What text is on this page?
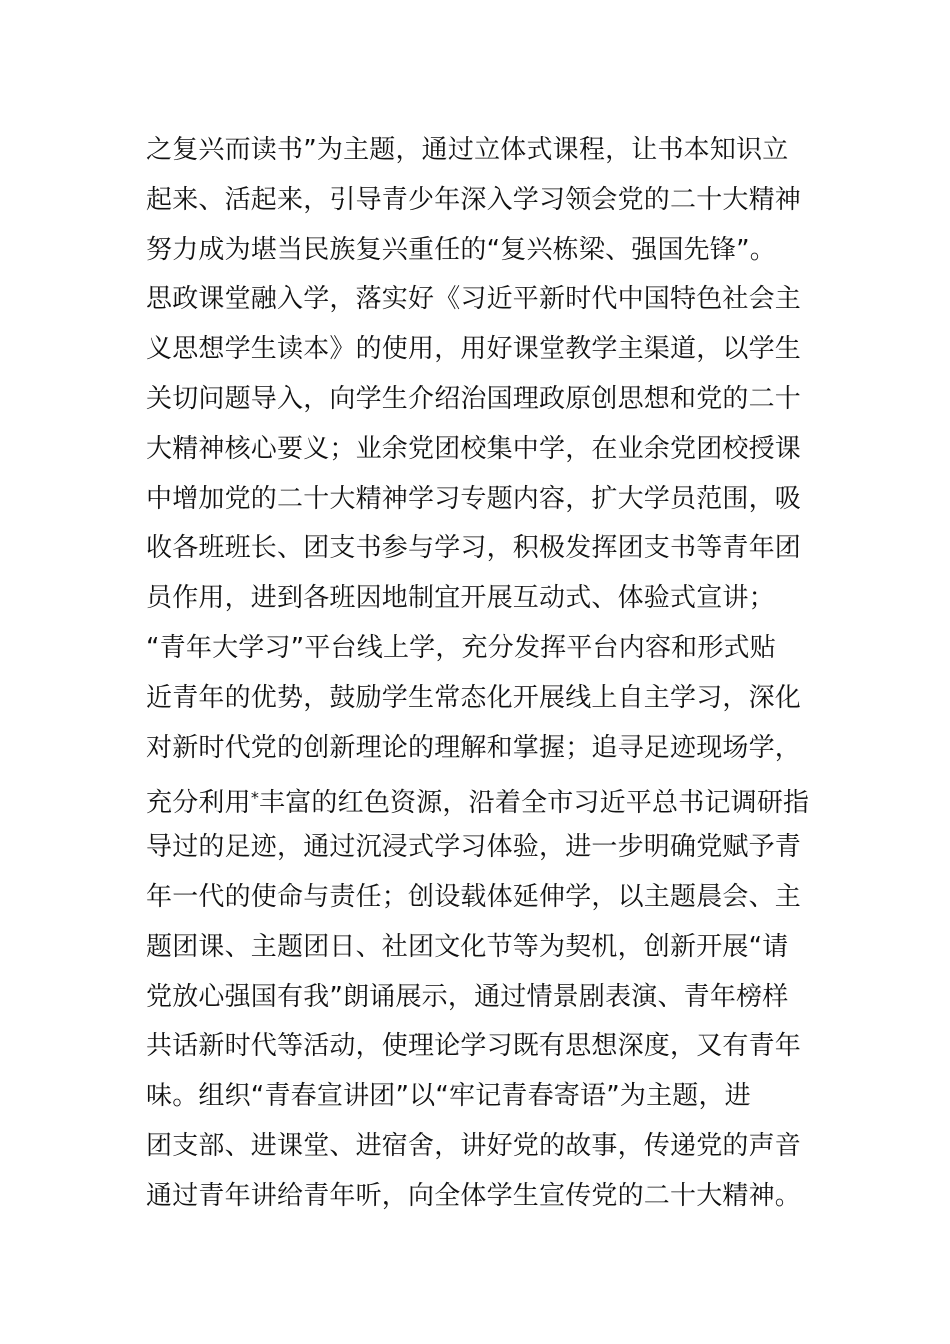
之复兴而读书”为主题，通过立体式课程，让书本知识立
起来、活起来，引导青少年深入学习领会党的二十大精神
努力成为堪当民族复兴重任的“复兴栋梁、强国先锋”。
思政课堂融入学，落实好《习近平新时代中国特色社会主
义思想学生读本》的使用，用好课堂教学主渠道，以学生
关切问题导入，向学生介绍治国理政原创思想和党的二十
大精神核心要义；业余党团校集中学，在业余党团校授课
中增加党的二十大精神学习专题内容，扩大学员范围，吸
收各班班长、团支书参与学习，积极发挥团支书等青年团
员作用，进到各班因地制宜开展互动式、体验式宣讲；
“青年大学习”平台线上学，充分发挥平台内容和形式贴
近青年的优势，鼓励学生常态化开展线上自主学习，深化
对新时代党的创新理论的理解和掌握；追寻足迹现场学，
充分利用*丰富的红色资源，沿着全市习近平总书记调研指
导过的足迹，通过沉浸式学习体验，进一步明确党赋予青
年一代的使命与责任；创设载体延伸学，以主题晨会、主
题团课、主题团日、社团文化节等为契机，创新开展“请
党放心强国有我”朗诵展示，通过情景剧表演、青年榜样
共话新时代等活动，使理论学习既有思想深度，又有青年
味。组织“青春宣讲团”以“牢记青春寄语”为主题，进
团支部、进课堂、进宿舍，讲好党的故事，传递党的声音
通过青年讲给青年听，向全体学生宣传党的二十大精神。
